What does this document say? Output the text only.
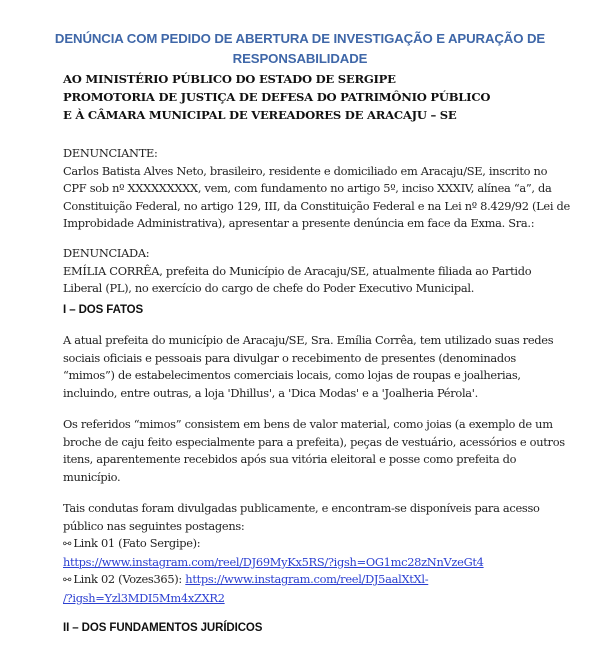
DENÚNCIA COM PEDIDO DE ABERTURA DE INVESTIGAÇÃO E APURAÇÃO DE
RESPONSABILIDADE
AO MINISTÉRIO PÚBLICO DO ESTADO DE SERGIPE
PROMOTORIA DE JUSTIÇA DE DEFESA DO PATRIMÔNIO PÚBLICO
E À CÂMARA MUNICIPAL DE VEREADORES DE ARACAJU – SE
DENUNCIANTE:
Carlos Batista Alves Neto, brasileiro, residente e domiciliado em Aracaju/SE, inscrito no
CPF sob nº XXXXXXXXX, vem, com fundamento no artigo 5º, inciso XXXIV, alínea “a”, da
Constituição Federal, no artigo 129, III, da Constituição Federal e na Lei nº 8.429/92 (Lei de
Improbidade Administrativa), apresentar a presente denúncia em face da Exma. Sra.:
DENUNCIADA:
EMÍLIA CORRÊA, prefeita do Município de Aracaju/SE, atualmente filiada ao Partido
Liberal (PL), no exercício do cargo de chefe do Poder Executivo Municipal.
I – DOS FATOS
A atual prefeita do município de Aracaju/SE, Sra. Emília Corrêa, tem utilizado suas redes
sociais oficiais e pessoais para divulgar o recebimento de presentes (denominados
“mimos”) de estabelecimentos comerciais locais, como lojas de roupas e joalherias,
incluindo, entre outras, a loja 'Dhillus', a 'Dica Modas' e a 'Joalheria Pérola'.
Os referidos “mimos” consistem em bens de valor material, como joias (a exemplo de um
broche de caju feito especialmente para a prefeita), peças de vestuário, acessórios e outros
itens, aparentemente recebidos após sua vitória eleitoral e posse como prefeita do
município.
Tais condutas foram divulgadas publicamente, e encontram-se disponíveis para acesso
público nas seguintes postagens:
⚯ Link 01 (Fato Sergipe):
https://www.instagram.com/reel/DJ69MyKx5RS/?igsh=OG1mc28zNnVzeGt4
⚯ Link 02 (Vozes365): https://www.instagram.com/reel/DJ5aalXtXl-
/?igsh=Yzl3MDI5Mm4xZXR2
II – DOS FUNDAMENTOS JURÍDICOS
